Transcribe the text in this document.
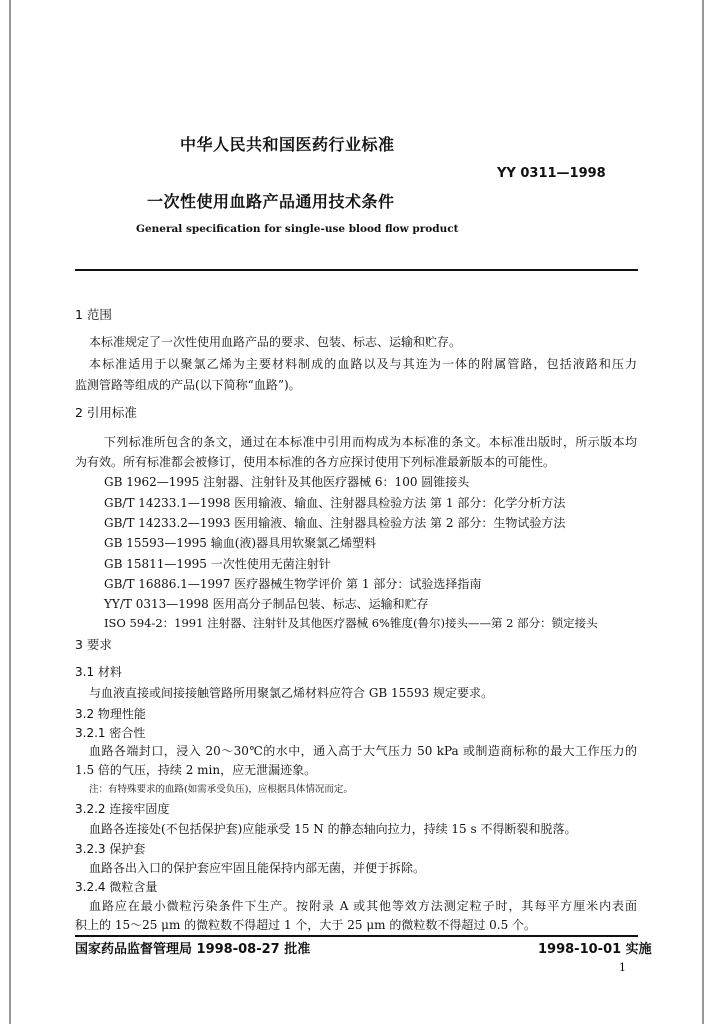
中华人民共和国医药行业标准
YY 0311—1998
一次性使用血路产品通用技术条件
General specification for single-use blood flow product
1 范围
本标准规定了一次性使用血路产品的要求、包装、标志、运输和贮存。
本标准适用于以聚氯乙烯为主要材料制成的血路以及与其连为一体的附属管路，包括液路和压力
监测管路等组成的产品(以下简称“血路”)。
2 引用标准
下列标准所包含的条文，通过在本标准中引用而构成为本标准的条文。本标准出版时，所示版本均
为有效。所有标准都会被修订，使用本标准的各方应探讨使用下列标准最新版本的可能性。
GB 1962—1995 注射器、注射针及其他医疗器械 6：100 圆锥接头
GB/T 14233.1—1998 医用输液、输血、注射器具检验方法 第 1 部分：化学分析方法
GB/T 14233.2—1993 医用输液、输血、注射器具检验方法 第 2 部分：生物试验方法
GB 15593—1995 输血(液)器具用软聚氯乙烯塑料
GB 15811—1995 一次性使用无菌注射针
GB/T 16886.1—1997 医疗器械生物学评价 第 1 部分：试验选择指南
YY/T 0313—1998 医用高分子制品包装、标志、运输和贮存
ISO 594-2：1991 注射器、注射针及其他医疗器械 6%锥度(鲁尔)接头——第 2 部分：锁定接头
3 要求
3.1 材料
与血液直接或间接接触管路所用聚氯乙烯材料应符合 GB 15593 规定要求。
3.2 物理性能
3.2.1 密合性
血路各端封口，浸入 20～30℃的水中，通入高于大气压力 50 kPa 或制造商标称的最大工作压力的
1.5 倍的气压，持续 2 min，应无泄漏迹象。
注：有特殊要求的血路(如需承受负压)，应根据具体情况而定。
3.2.2 连接牢固度
血路各连接处(不包括保护套)应能承受 15 N 的静态轴向拉力，持续 15 s 不得断裂和脱落。
3.2.3 保护套
血路各出入口的保护套应牢固且能保持内部无菌，并便于拆除。
3.2.4 微粒含量
血路应在最小微粒污染条件下生产。按附录 A 或其他等效方法测定粒子时，其每平方厘米内表面
积上的 15～25 μm 的微粒数不得超过 1 个，大于 25 μm 的微粒数不得超过 0.5 个。
国家药品监督管理局 1998-08-27 批准	1998-10-01 实施
1
